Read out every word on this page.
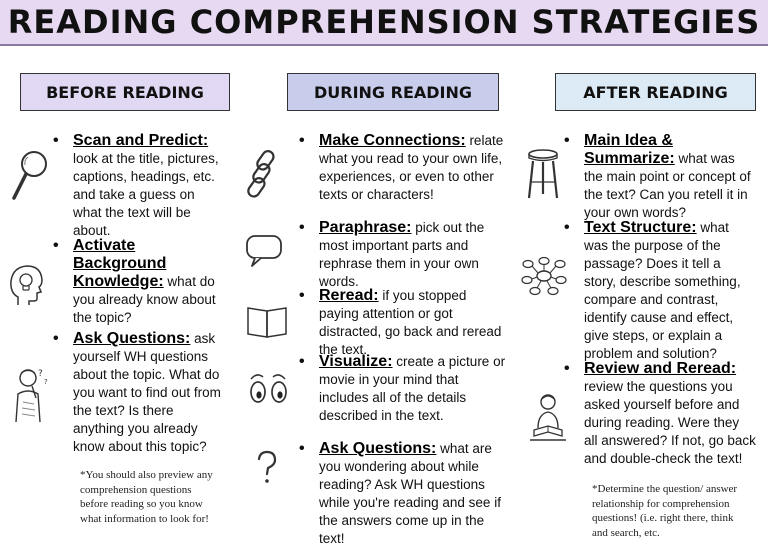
READING COMPREHENSION STRATEGIES
BEFORE READING	DURING READING	AFTER READING
• Scan and Predict: look at the title, pictures, captions, headings, etc. and take a guess on what the text will be about.
• Activate Background Knowledge: what do you already know about the topic?
• Ask Questions: ask yourself WH questions about the topic. What do you want to find out from the text? Is there anything you already know about this topic?
*You should also preview any comprehension questions before reading so you know what information to look for!
• Make Connections: relate what you read to your own life, experiences, or even to other texts or characters!
• Paraphrase: pick out the most important parts and rephrase them in your own words.
• Reread: if you stopped paying attention or got distracted, go back and reread the text.
• Visualize: create a picture or movie in your mind that includes all of the details described in the text.
• Ask Questions: what are you wondering about while reading? Ask WH questions while you're reading and see if the answers come up in the text!
• Main Idea & Summarize: what was the main point or concept of the text? Can you retell it in your own words?
• Text Structure: what was the purpose of the passage? Does it tell a story, describe something, compare and contrast, identify cause and effect, give steps, or explain a problem and solution?
• Review and Reread: review the questions you asked yourself before and during reading. Were they all answered? If not, go back and double-check the text!
*Determine the question/ answer relationship for comprehension questions! (i.e. right there, think and search, etc.
?
?
